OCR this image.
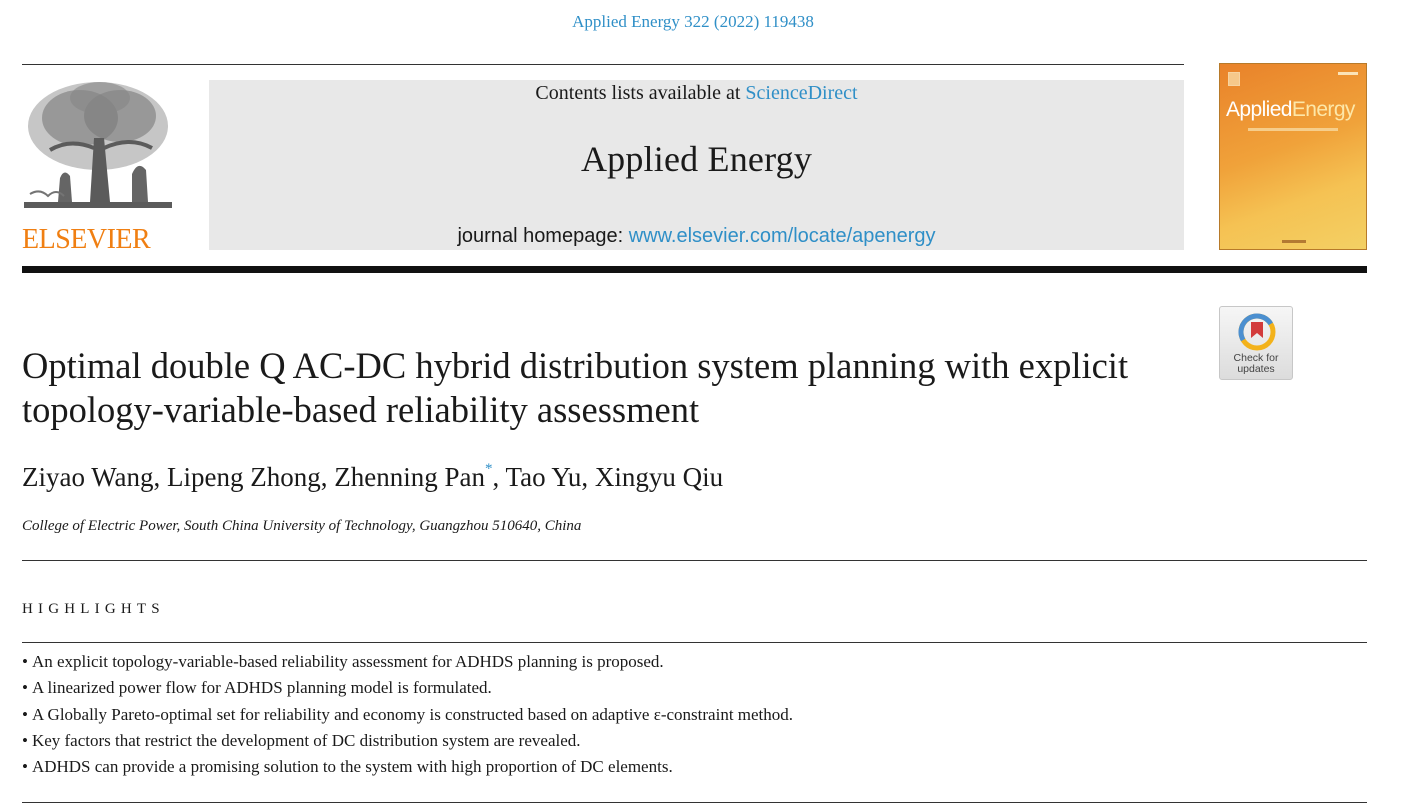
Applied Energy 322 (2022) 119438
ELSEVIER
Contents lists available at ScienceDirect
Applied Energy
journal homepage: www.elsevier.com/locate/apenergy
AppliedEnergy
Check for
updates
Optimal double Q AC-DC hybrid distribution system planning with explicit topology-variable-based reliability assessment
Ziyao Wang, Lipeng Zhong, Zhenning Pan*, Tao Yu, Xingyu Qiu
College of Electric Power, South China University of Technology, Guangzhou 510640, China
HIGHLIGHTS
• An explicit topology-variable-based reliability assessment for ADHDS planning is proposed.
• A linearized power flow for ADHDS planning model is formulated.
• A Globally Pareto-optimal set for reliability and economy is constructed based on adaptive ε-constraint method.
• Key factors that restrict the development of DC distribution system are revealed.
• ADHDS can provide a promising solution to the system with high proportion of DC elements.
